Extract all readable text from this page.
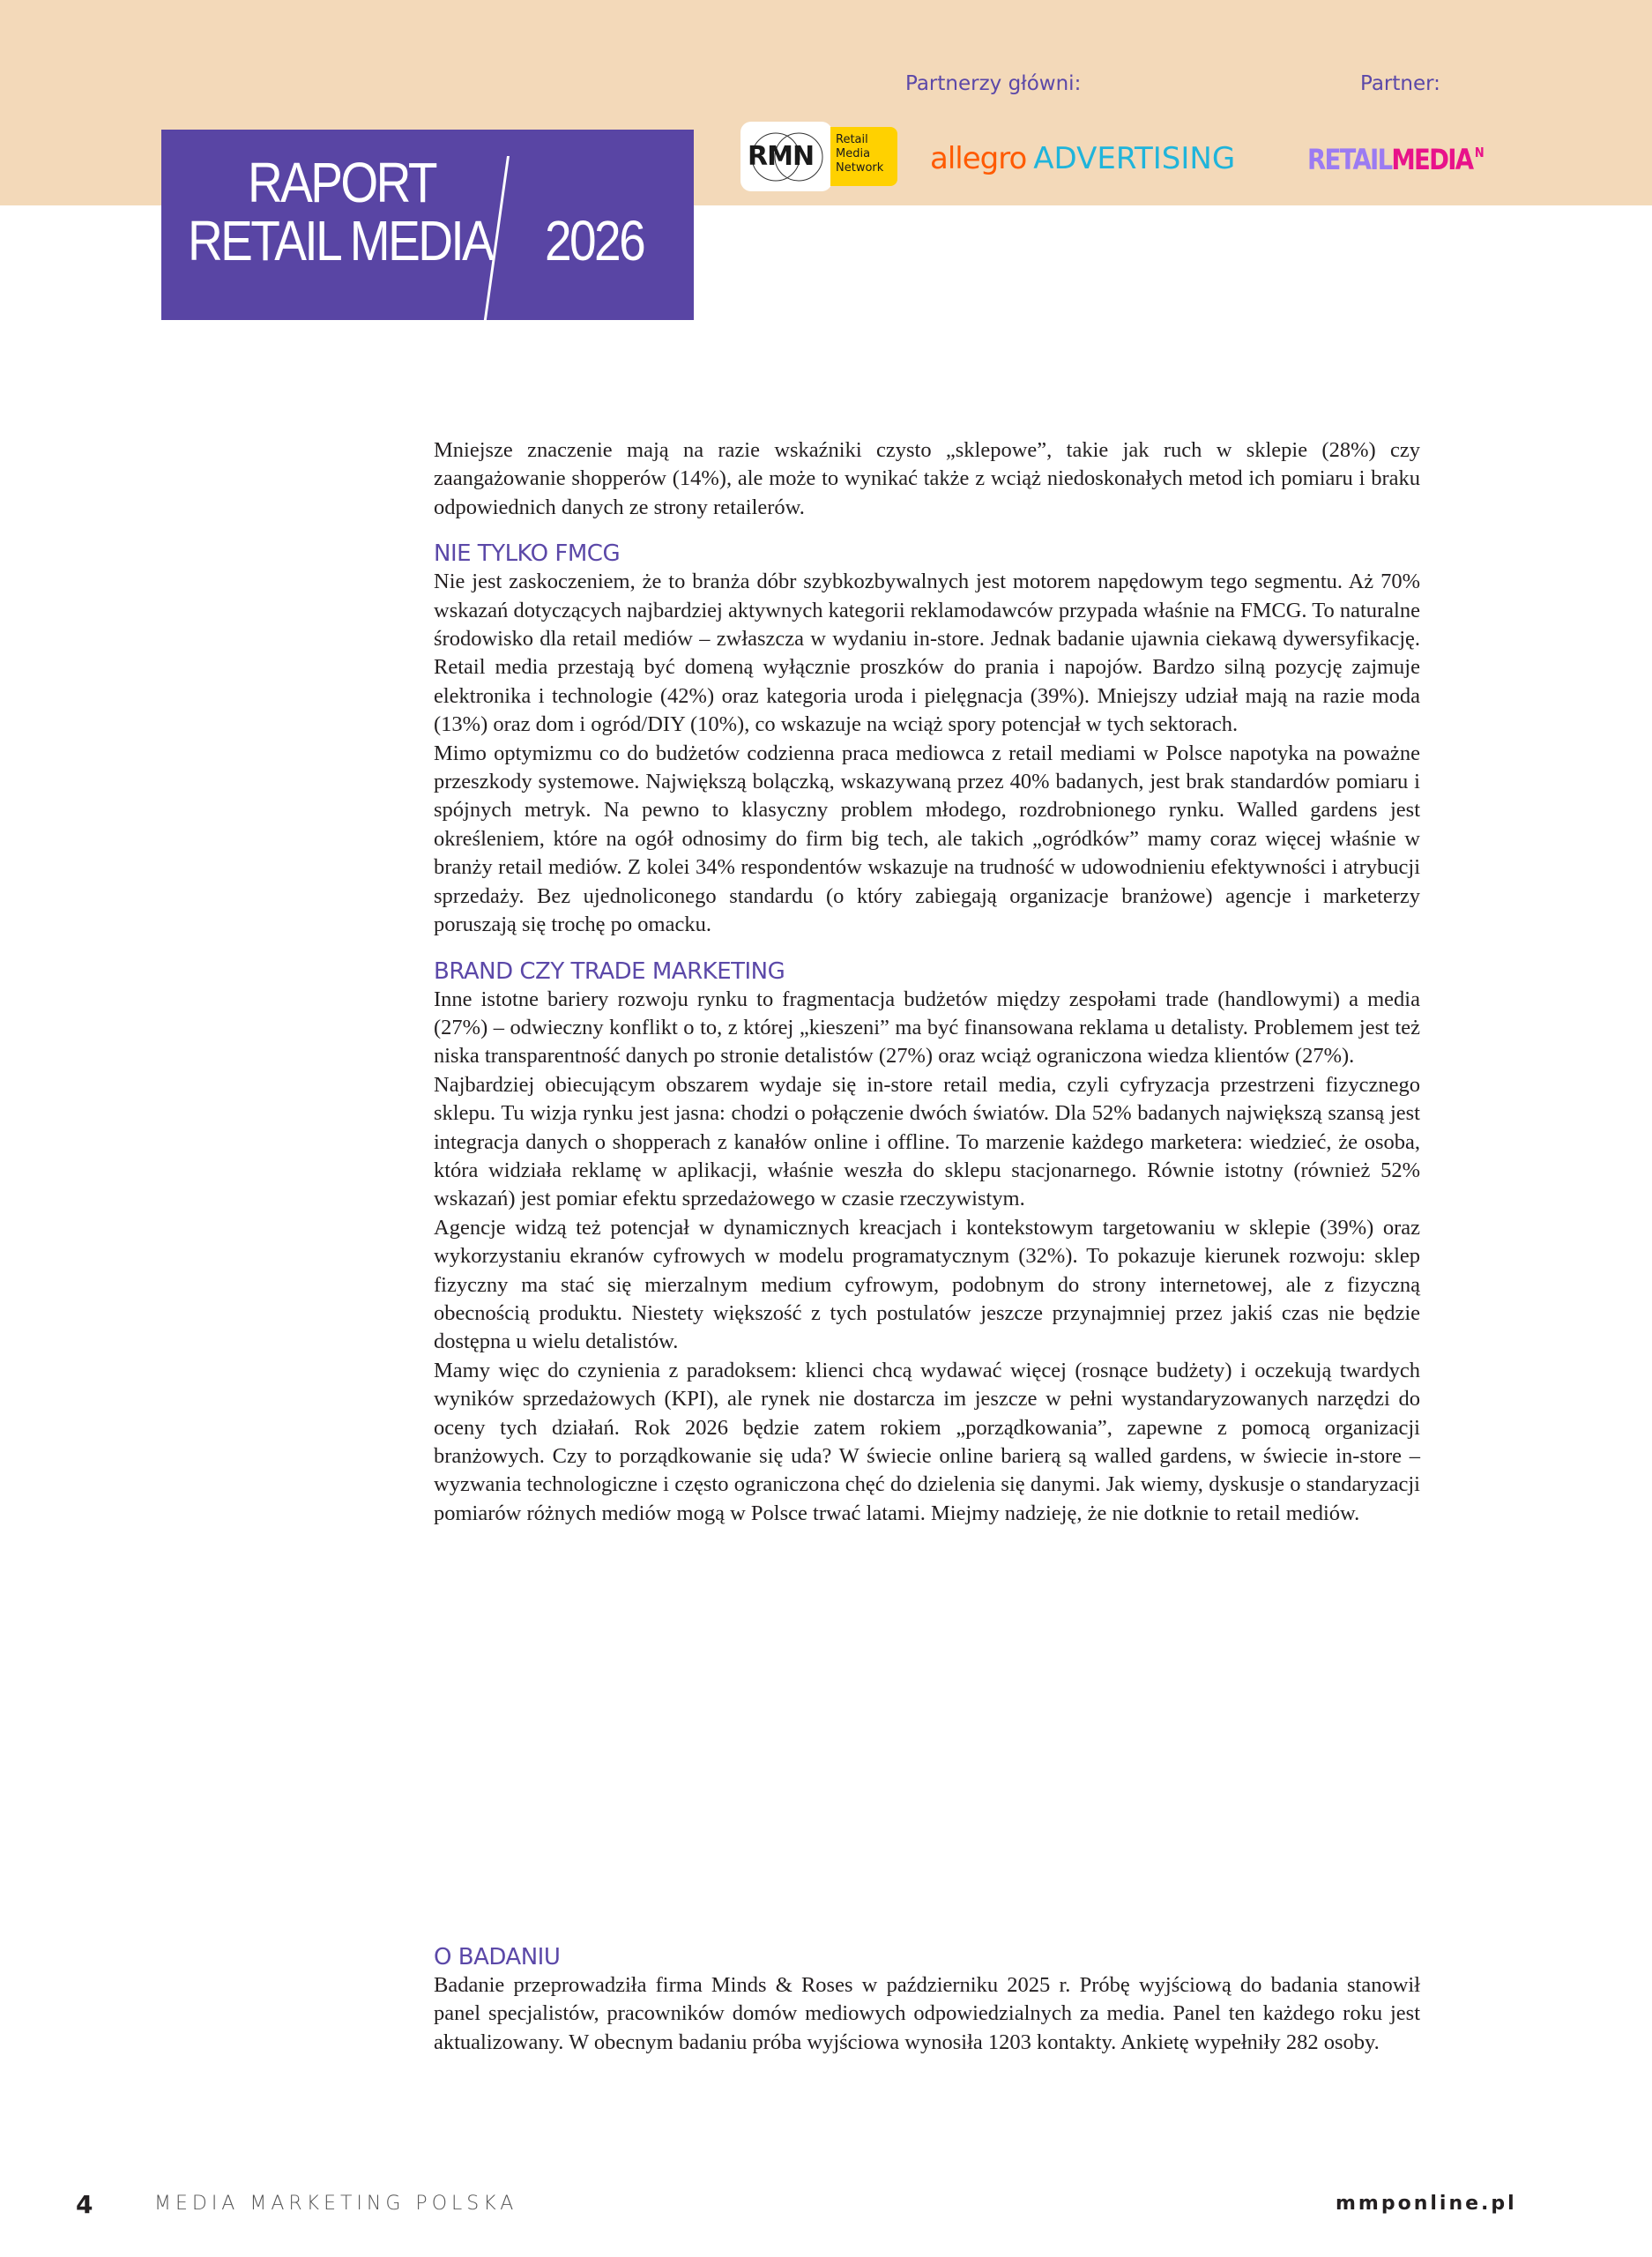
RAPORT
RETAIL MEDIA 2026
Partnerzy główni:	Partner:
RMN
Retail
Media
Network allegro ADVERTISING	RETAILMEDIA $^N$

Mniejsze znaczenie mają na razie wskaźniki czysto „sklepowe”, takie jak ruch w sklepie (28%) czy zaangażowanie shopperów (14%), ale może to wynikać także z wciąż niedoskonałych metod ich pomiaru i braku odpowiednich danych ze strony retailerów.

NIE TYLKO FMCG

Nie jest zaskoczeniem, że to branża dóbr szybkozbywalnych jest motorem napędowym tego segmentu. Aż 70% wskazań dotyczących najbardziej aktywnych kategorii reklamodawców przypada właśnie na FMCG. To naturalne środowisko dla retail mediów – zwłaszcza w wydaniu in-store. Jednak badanie ujawnia ciekawą dywersyfikację. Retail media przestają być domeną wyłącznie proszków do prania i napojów. Bardzo silną pozycję zajmuje elektronika i technologie (42%) oraz kategoria uroda i pielęgnacja (39%). Mniejszy udział mają na razie moda (13%) oraz dom i ogród/DIY (10%), co wskazuje na wciąż spory potencjał w tych sektorach.

Mimo optymizmu co do budżetów codzienna praca mediowca z retail mediami w Polsce napotyka na poważne przeszkody systemowe. Największą bolączką, wskazywaną przez 40% badanych, jest brak standardów pomiaru i spójnych metryk. Na pewno to klasyczny problem młodego, rozdrobnionego rynku. Walled gardens jest określeniem, które na ogół odnosimy do firm big tech, ale takich „ogródków” mamy coraz więcej właśnie w branży retail mediów. Z kolei 34% respondentów wskazuje na trudność w udowodnieniu efektywności i atrybucji sprzedaży. Bez ujednoliconego standardu (o który zabiegają organizacje branżowe) agencje i marketerzy poruszają się trochę po omacku.

BRAND CZY TRADE MARKETING

Inne istotne bariery rozwoju rynku to fragmentacja budżetów między zespołami trade (handlowymi) a media (27%) – odwieczny konflikt o to, z której „kieszeni” ma być finansowana reklama u detalisty. Problemem jest też niska transparentność danych po stronie detalistów (27%) oraz wciąż ograniczona wiedza klientów (27%).

Najbardziej obiecującym obszarem wydaje się in-store retail media, czyli cyfryzacja przestrzeni fizycznego sklepu. Tu wizja rynku jest jasna: chodzi o połączenie dwóch światów. Dla 52% badanych największą szansą jest integracja danych o shopperach z kanałów online i offline. To marzenie każdego marketera: wiedzieć, że osoba, która widziała reklamę w aplikacji, właśnie weszła do sklepu stacjonarnego. Równie istotny (również 52% wskazań) jest pomiar efektu sprzedażowego w czasie rzeczywistym.

Agencje widzą też potencjał w dynamicznych kreacjach i kontekstowym targetowaniu w sklepie (39%) oraz wykorzystaniu ekranów cyfrowych w modelu programatycznym (32%). To pokazuje kierunek rozwoju: sklep fizyczny ma stać się mierzalnym medium cyfrowym, podobnym do strony internetowej, ale z fizyczną obecnością produktu. Niestety większość z tych postulatów jeszcze przynajmniej przez jakiś czas nie będzie dostępna u wielu detalistów.

Mamy więc do czynienia z paradoksem: klienci chcą wydawać więcej (rosnące budżety) i oczekują twardych wyników sprzedażowych (KPI), ale rynek nie dostarcza im jeszcze w pełni wystandaryzowanych narzędzi do oceny tych działań. Rok 2026 będzie zatem rokiem „porządkowania”, zapewne z pomocą organizacji branżowych. Czy to porządkowanie się uda? W świecie online barierą są walled gardens, w świecie in-store – wyzwania technologiczne i często ograniczona chęć do dzielenia się danymi. Jak wiemy, dyskusje o standaryzacji pomiarów różnych mediów mogą w Polsce trwać latami. Miejmy nadzieję, że nie dotknie to retail mediów.

O BADANIU

Badanie przeprowadziła firma Minds & Roses w październiku 2025 r. Próbę wyjściową do badania stanowił panel specjalistów, pracowników domów mediowych odpowiedzialnych za media. Panel ten każdego roku jest aktualizowany. W obecnym badaniu próba wyjściowa wynosiła 1203 kontakty. Ankietę wypełniły 282 osoby.

4	MEDIA MARKETING POLSKA	mmponline.pl
